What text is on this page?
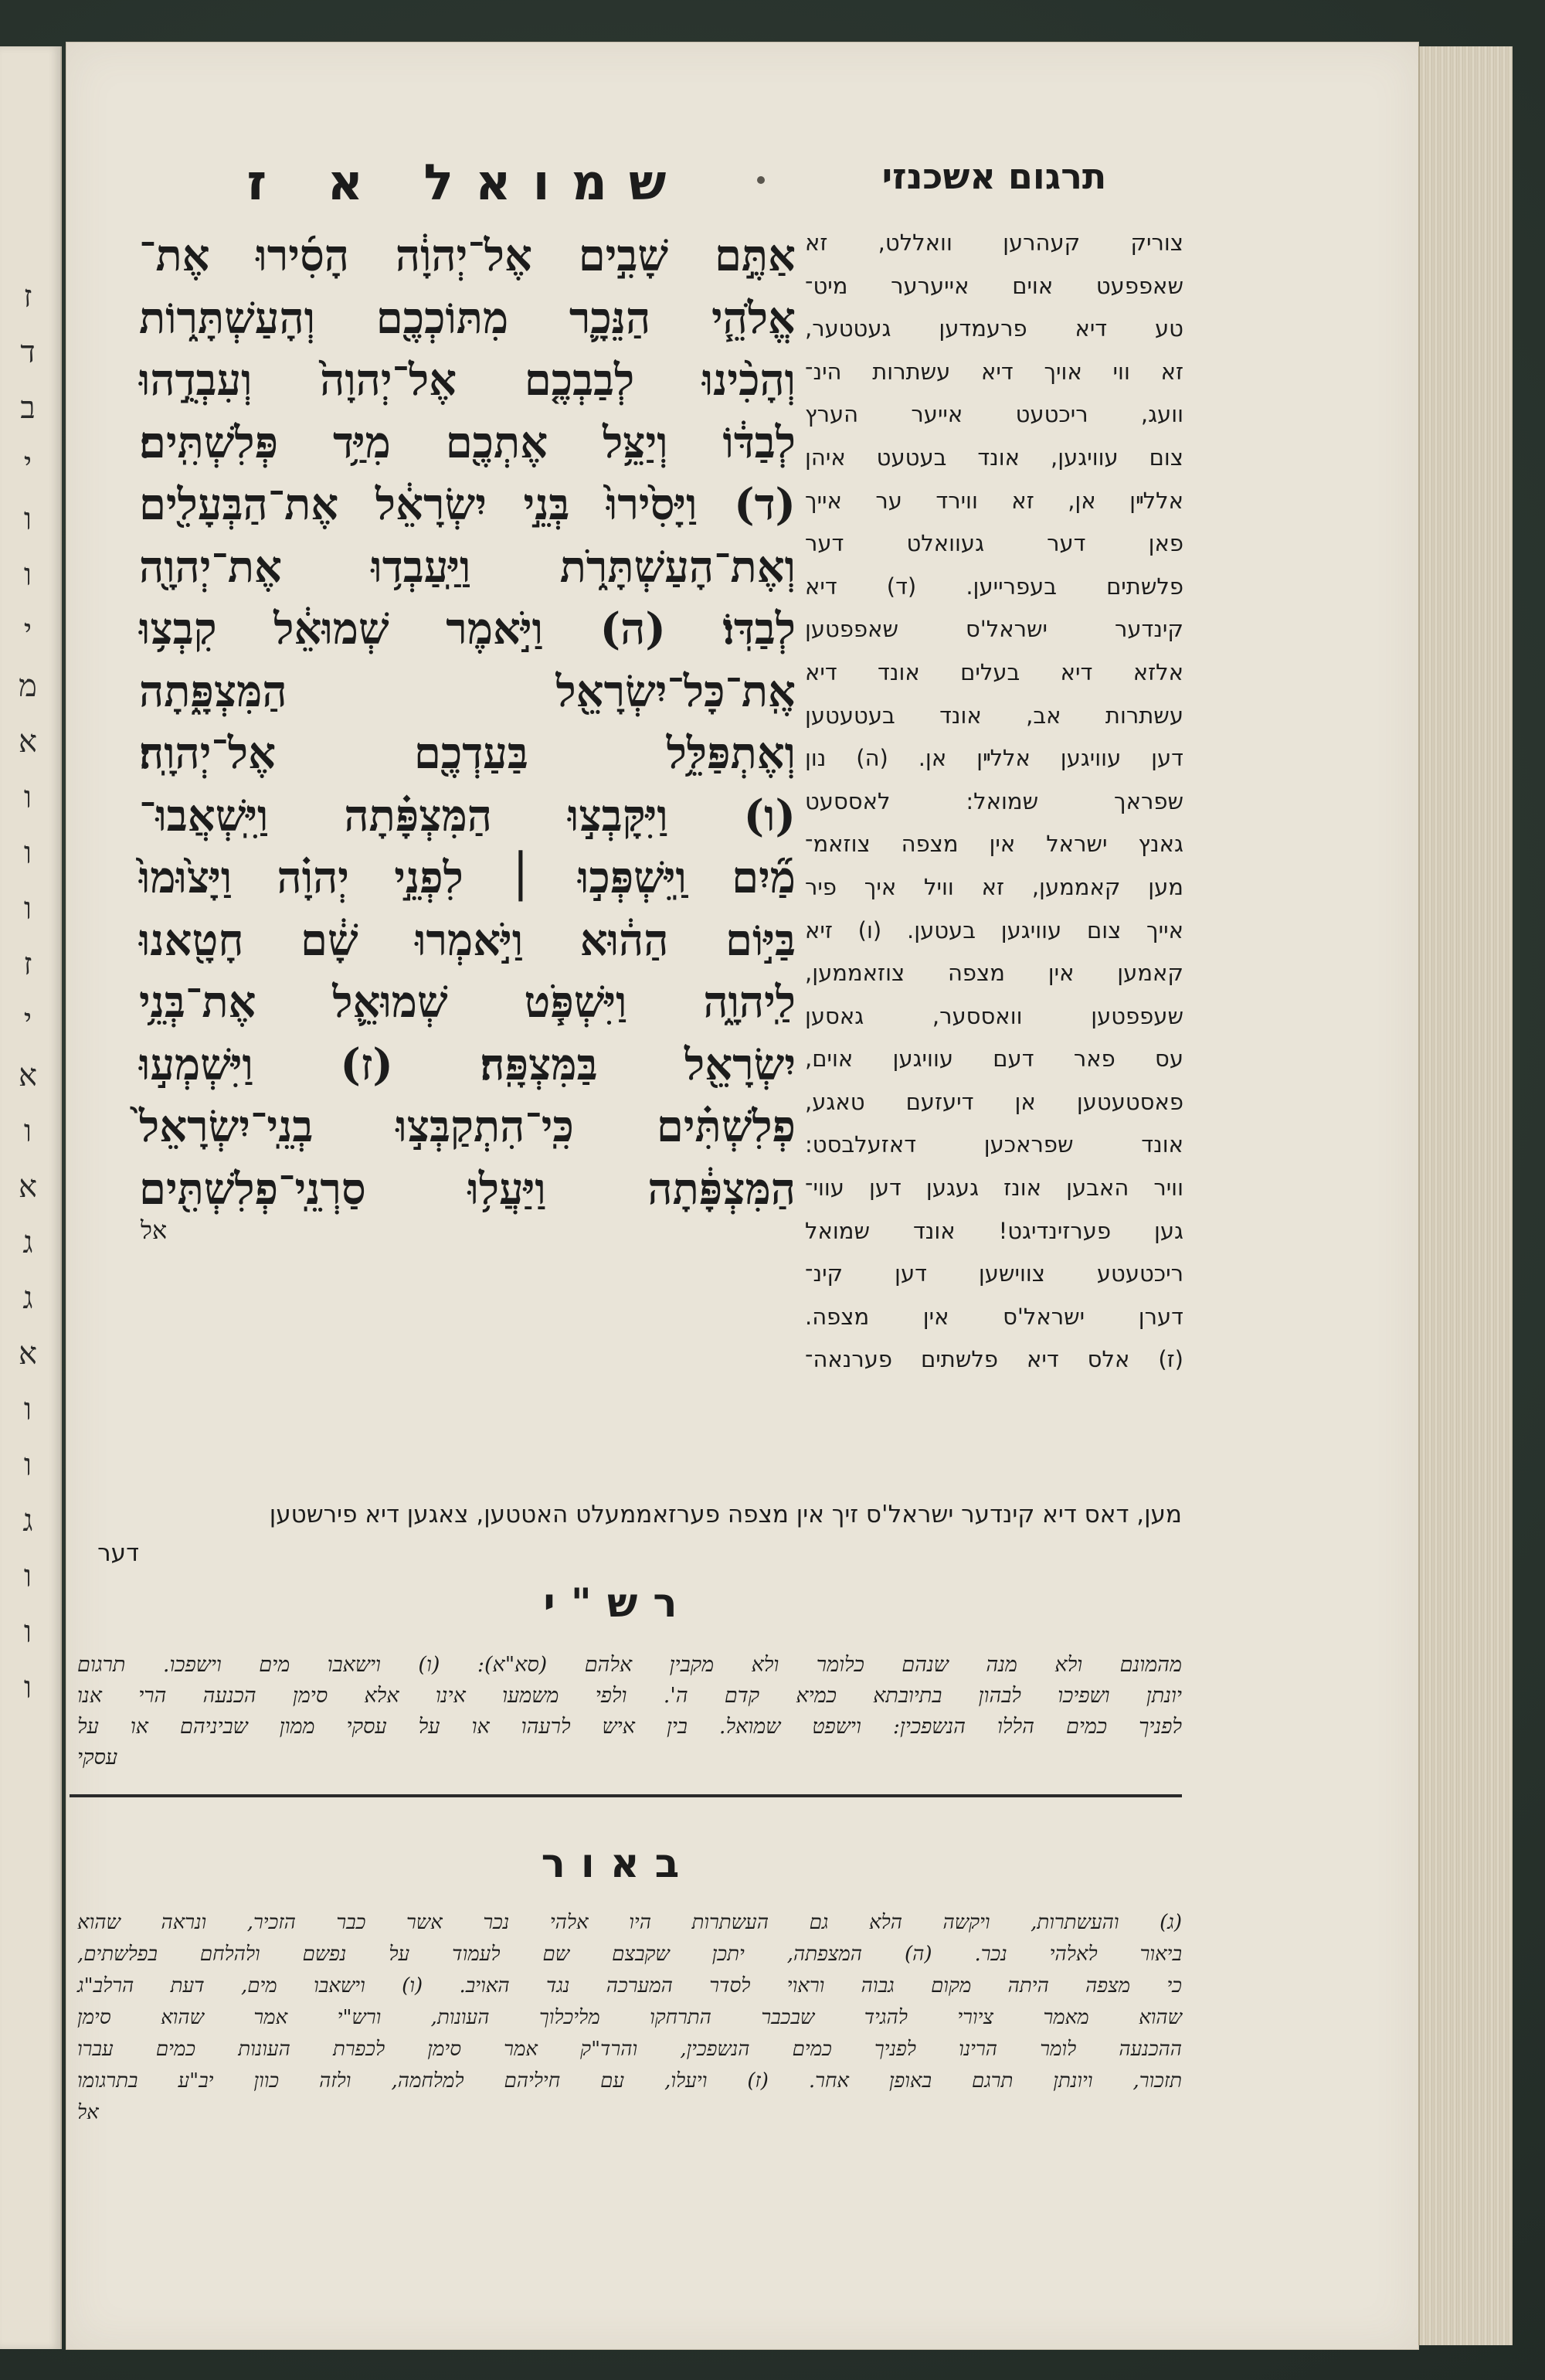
ז
ד
ב
י
ו
ו
י
מ
א
ו
ו
ו
ז
י
א
ו
א
ג
ג
א
ו
ו
ג
ו
ו
ו
שמואל א ז
אַתֶּ֣ם שָׁבִ֣ים אֶל־יְהוָ֔ה הָסִ֜ירוּ אֶת־
אֱלֹהֵ֧י הַנֵּכָ֛ר מִתּוֹכְכֶ֖ם וְהָעַשְׁתָּר֑וֹת
וְהָכִ֨ינוּ לְבַבְכֶ֤ם אֶל־יְהוָה֙ וְעִבְדֻ֣הוּ
לְבַדּ֔וֹ וְיַצֵּ֥ל אֶתְכֶ֖ם מִיַּ֥ד פְּלִשְׁתִּֽים׃
(ד) וַיָּסִ֙ירוּ֙ בְּנֵ֣י יִשְׂרָאֵ֔ל אֶת־הַבְּעָלִ֖ים
וְאֶת־הָעַשְׁתָּרֹ֑ת וַיַּֽעַבְד֥וּ אֶת־יְהוָ֖ה
לְבַדּֽוֹ׃ (ה) וַיֹּ֣אמֶר שְׁמוּאֵ֔ל קִבְצ֥וּ
אֶֽת־כָּל־יִשְׂרָאֵ֖ל הַמִּצְפָּ֑תָה
וְאֶתְפַּלֵּ֥ל בַּעַדְכֶ֖ם אֶל־יְהוָֽה׃
(ו) וַיִּקָּבְצ֣וּ הַמִּצְפָּ֗תָה וַיִּֽשְׁאֲבוּ־
מַ֞יִם וַֽיִּשְׁפְּכ֣וּ ׀ לִפְנֵ֣י יְהוָ֗ה וַיָּצ֙וּמוּ֙
בַּיּ֣וֹם הַה֔וּא וַיֹּ֣אמְרוּ שָׁ֔ם חָטָ֖אנוּ
לַֽיהוָ֑ה וַיִּשְׁפֹּ֧ט שְׁמוּאֵ֛ל אֶת־בְּנֵ֥י
יִשְׂרָאֵ֖ל בַּמִּצְפָּֽה׃ (ז) וַיִּשְׁמְע֣וּ
פְלִשְׁתִּ֗ים כִּֽי־הִתְקַבְּצ֣וּ בְנֵֽי־יִשְׂרָאֵל֙
הַמִּצְפָּ֔תָה וַיַּעֲל֥וּ סַרְנֵֽי־פְלִשְׁתִּ֖ים
אל
תרגום אשכנזי
צוריק קעהרען וואללט, זא
שאפפעט אוים אייערער מיט־
טע דיא פרעמדען געטטער,
זא ווי אויך דיא עשתרות הינ־
וועג, ריכטעט אייער הערץ
צום עוויגען, אונד בעטעט איהן
אללײן אן, זא ווירד ער אייך
פאן דער געוואלט דער
פלשתים בעפרייען. (ד) דיא
קינדער ישראל'ס שאפפטען
אלזא דיא בעלים אונד דיא
עשתרות אב, אונד בעטעטען
דען עוויגען אללײן אן. (ה) נון
שפראך שמואל: לאססעט
גאנץ ישראל אין מצפה צוזאמ־
מען קאממען, זא וויל איך פיר
אייך צום עוויגען בעטען. (ו) זיא
קאמען אין מצפה צוזאממען,
שעפפטען וואססער, גאסען
עס פאר דעם עוויגען אוים,
פאסטעטען אן דיעזעם טאגע,
אונד שפראכען דאזעלבסט:
וויר האבען אונז געגען דען עווי־
גען פערזינדיגט! אונד שמואל
ריכטעטע צווישען דען קינ־
דערן ישראל'ס אין מצפה.
(ז) אלס דיא פלשתים פערנאה־
מען, דאס דיא קינדער ישראל'ס זיך אין מצפה פערזאממעלט האטטען, צאגען דיא פירשטען
דער
רש"י
מהמונם ולא מנה שנהם כלומר ולא מקבין אלהם (סא"א): (ו) וישאבו מים וישפכו. תרגום
יונתן ושפיכו לבהון בתיובתא כמיא קדם ה'. ולפי משמעו אינו אלא סימן הכנעה הרי אנו
לפניך כמים הללו הנשפכין: וישפט שמואל. בין איש לרעהו או על עסקי ממון שביניהם או על
עסקי
באור
(ג) והעשתרות, ויקשה הלא גם העשתרות היו אלהי נכר אשר כבר הזכיר, ונראה שהוא
ביאור לאלהי נכר. (ה) המצפתה, יתכן שקבצם שם לעמוד על נפשם ולהלחם בפלשתים,
כי מצפה היתה מקום גבוה וראוי לסדר המערכה נגד האויב. (ו) וישאבו מים, דעת הרלב"ג
שהוא מאמר ציורי להגיד שבכבר התרחקו מליכלוך העונות, ורש"י אמר שהוא סימן
ההכנעה לומר הרינו לפניך כמים הנשפכין, והרד"ק אמר סימן לכפרת העונות כמים עברו
תזכור, ויונתן תרגם באופן אחר. (ז) ויעלו, עם חיליהם למלחמה, ולזה כוון יב"ע בתרגומו
אל
